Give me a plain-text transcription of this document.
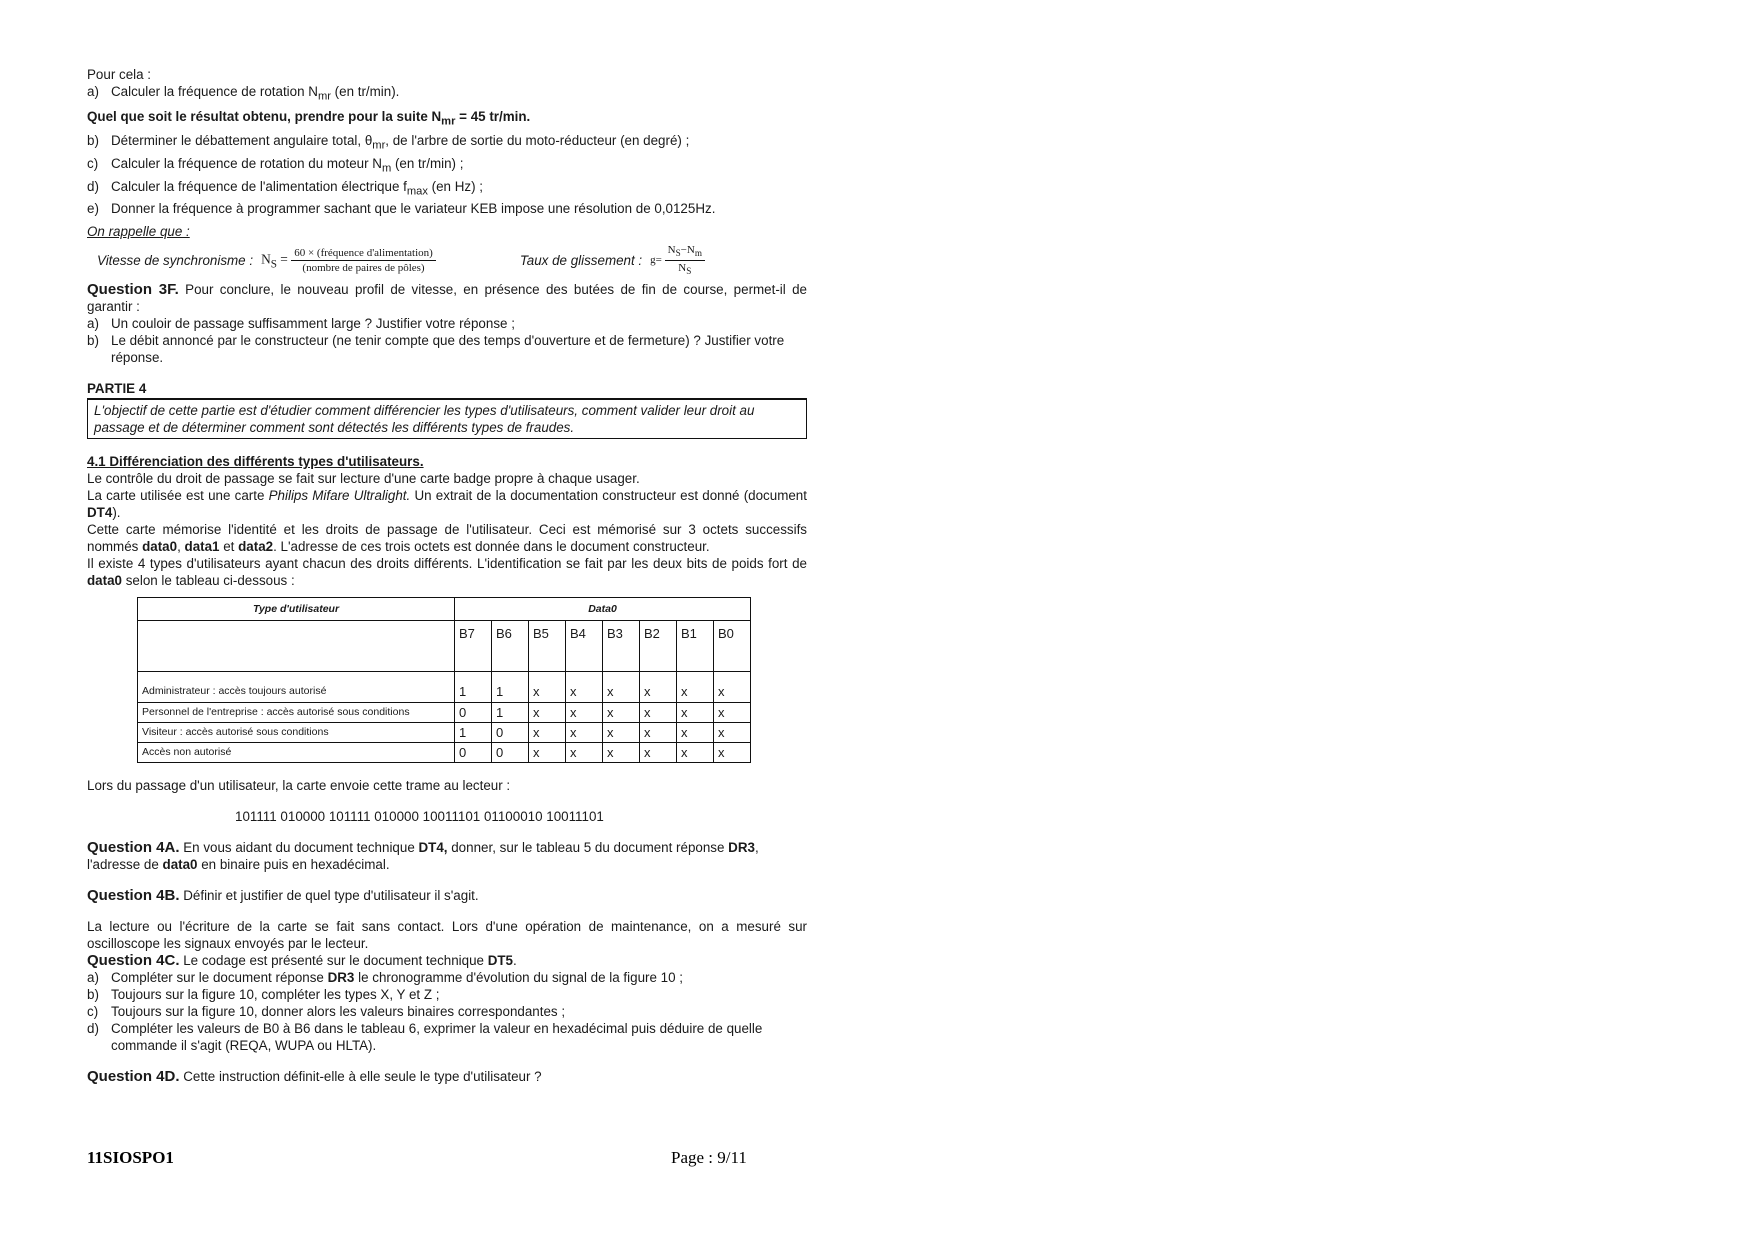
Pour cela :

a) Calculer la fréquence de rotation $N_{mr}$ (en tr/min).

Quel que soit le résultat obtenu, prendre pour la suite $N_{mr} = 45$ tr/min.

b) Déterminer le débattement angulaire total, $\theta_{mr}$, de l'arbre de sortie du moto-réducteur (en degré) ;
c) Calculer la fréquence de rotation du moteur $N_m$ (en tr/min) ;
d) Calculer la fréquence de l'alimentation électrique $f_{max}$ (en Hz) ;
e) Donner la fréquence à programmer sachant que le variateur KEB impose une résolution de 0,0125Hz.

On rappelle que :

Vitesse de synchronisme : $N_S = \frac{\text{60 × (fréquence d'alimentation)}}{\text{(nombre de paires de pôles)}}$	Taux de glissement : $g= \frac{N_S-N_m}{N_S}$

Question 3F. Pour conclure, le nouveau profil de vitesse, en présence des butées de fin de course, permet-il de garantir :

a) Un couloir de passage suffisamment large ? Justifier votre réponse ;
b) Le débit annoncé par le constructeur (ne tenir compte que des temps d'ouverture et de fermeture) ? Justifier votre réponse.
PARTIE 4
L'objectif de cette partie est d'étudier comment différencier les types d'utilisateurs, comment valider leur droit au passage et de déterminer comment sont détectés les différents types de fraudes.

4.1 Différenciation des différents types d'utilisateurs.

Le contrôle du droit de passage se fait sur lecture d'une carte badge propre à chaque usager.

La carte utilisée est une carte Philips Mifare Ultralight. Un extrait de la documentation constructeur est donné (document DT4).

Cette carte mémorise l'identité et les droits de passage de l'utilisateur. Ceci est mémorisé sur 3 octets successifs nommés data0, data1 et data2. L'adresse de ces trois octets est donnée dans le document constructeur.

Il existe 4 types d'utilisateurs ayant chacun des droits différents. L'identification se fait par les deux bits de poids fort de data0 selon le tableau ci-dessous :

Type d'utilisateur	Data0							
	B7	B6	B5	B4	B3	B2	B1	B0
Administrateur : accès toujours autorisé	1	1	x	x	x	x	x	x
Personnel de l'entreprise : accès autorisé sous conditions	0	1	x	x	x	x	x	x
Visiteur : accès autorisé sous conditions	1	0	x	x	x	x	x	x
Accès non autorisé	0	0	x	x	x	x	x	x

Lors du passage d'un utilisateur, la carte envoie cette trame au lecteur :

101111 010000 101111 010000 10011101 01100010 10011101

Question 4A. En vous aidant du document technique DT4, donner, sur le tableau 5 du document réponse DR3, l'adresse de data0 en binaire puis en hexadécimal.

Question 4B. Définir et justifier de quel type d'utilisateur il s'agit.

La lecture ou l'écriture de la carte se fait sans contact. Lors d'une opération de maintenance, on a mesuré sur oscilloscope les signaux envoyés par le lecteur.

Question 4C. Le codage est présenté sur le document technique DT5.

a) Compléter sur le document réponse DR3 le chronogramme d'évolution du signal de la figure 10 ;
b) Toujours sur la figure 10, compléter les types X, Y et Z ;
c) Toujours sur la figure 10, donner alors les valeurs binaires correspondantes ;
d) Compléter les valeurs de B0 à B6 dans le tableau 6, exprimer la valeur en hexadécimal puis déduire de quelle commande il s'agit (REQA, WUPA ou HLTA).

Question 4D. Cette instruction définit-elle à elle seule le type d'utilisateur ?

11SIOSPO1	Page : 9/11
